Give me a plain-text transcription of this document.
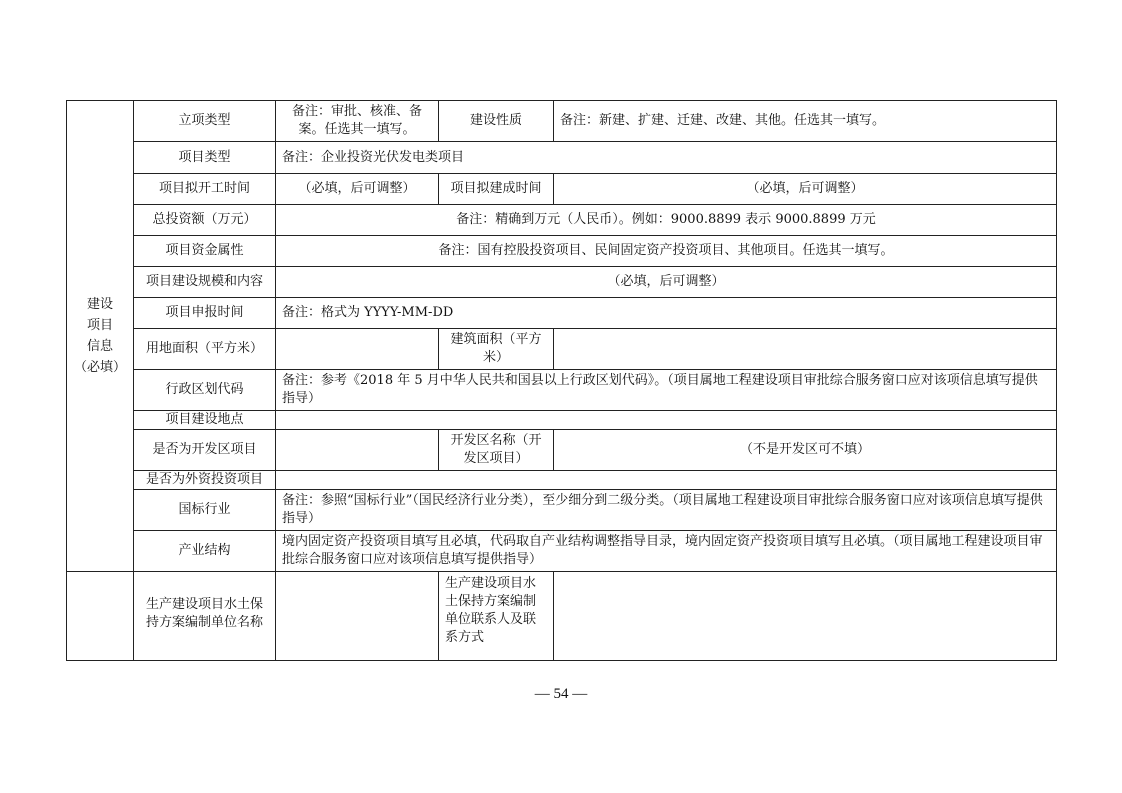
建设
项目
信息
（必填）	立项类型	备注：审批、核准、备案。任选其一填写。	建设性质	备注：新建、扩建、迁建、改建、其他。任选其一填写。
	项目类型	备注：企业投资光伏发电类项目		
	项目拟开工时间	（必填，后可调整）	项目拟建成时间	（必填，后可调整）
	总投资额（万元）	备注：精确到万元（人民币）。例如：9000.8899 表示 9000.8899 万元		
	项目资金属性	备注：国有控股投资项目、民间固定资产投资项目、其他项目。任选其一填写。		
	项目建设规模和内容	（必填，后可调整）		
	项目申报时间	备注：格式为 YYYY-MM-DD		
	用地面积（平方米）		建筑面积（平方米）	
	行政区划代码	备注：参考《2018 年 5 月中华人民共和国县以上行政区划代码》。（项目属地工程建设项目审批综合服务窗口应对该项信息填写提供指导）		
	项目建设地点			
	是否为开发区项目		开发区名称（开发区项目）	（不是开发区可不填）
	是否为外资投资项目			
	国标行业	备注：参照“国标行业”（国民经济行业分类），至少细分到二级分类。（项目属地工程建设项目审批综合服务窗口应对该项信息填写提供指导）		
	产业结构	境内固定资产投资项目填写且必填，代码取自产业结构调整指导目录，境内固定资产投资项目填写且必填。（项目属地工程建设项目审批综合服务窗口应对该项信息填写提供指导）		
	生产建设项目水土保持方案编制单位名称		生产建设项目水土保持方案编制单位联系人及联系方式	
— 54 —
